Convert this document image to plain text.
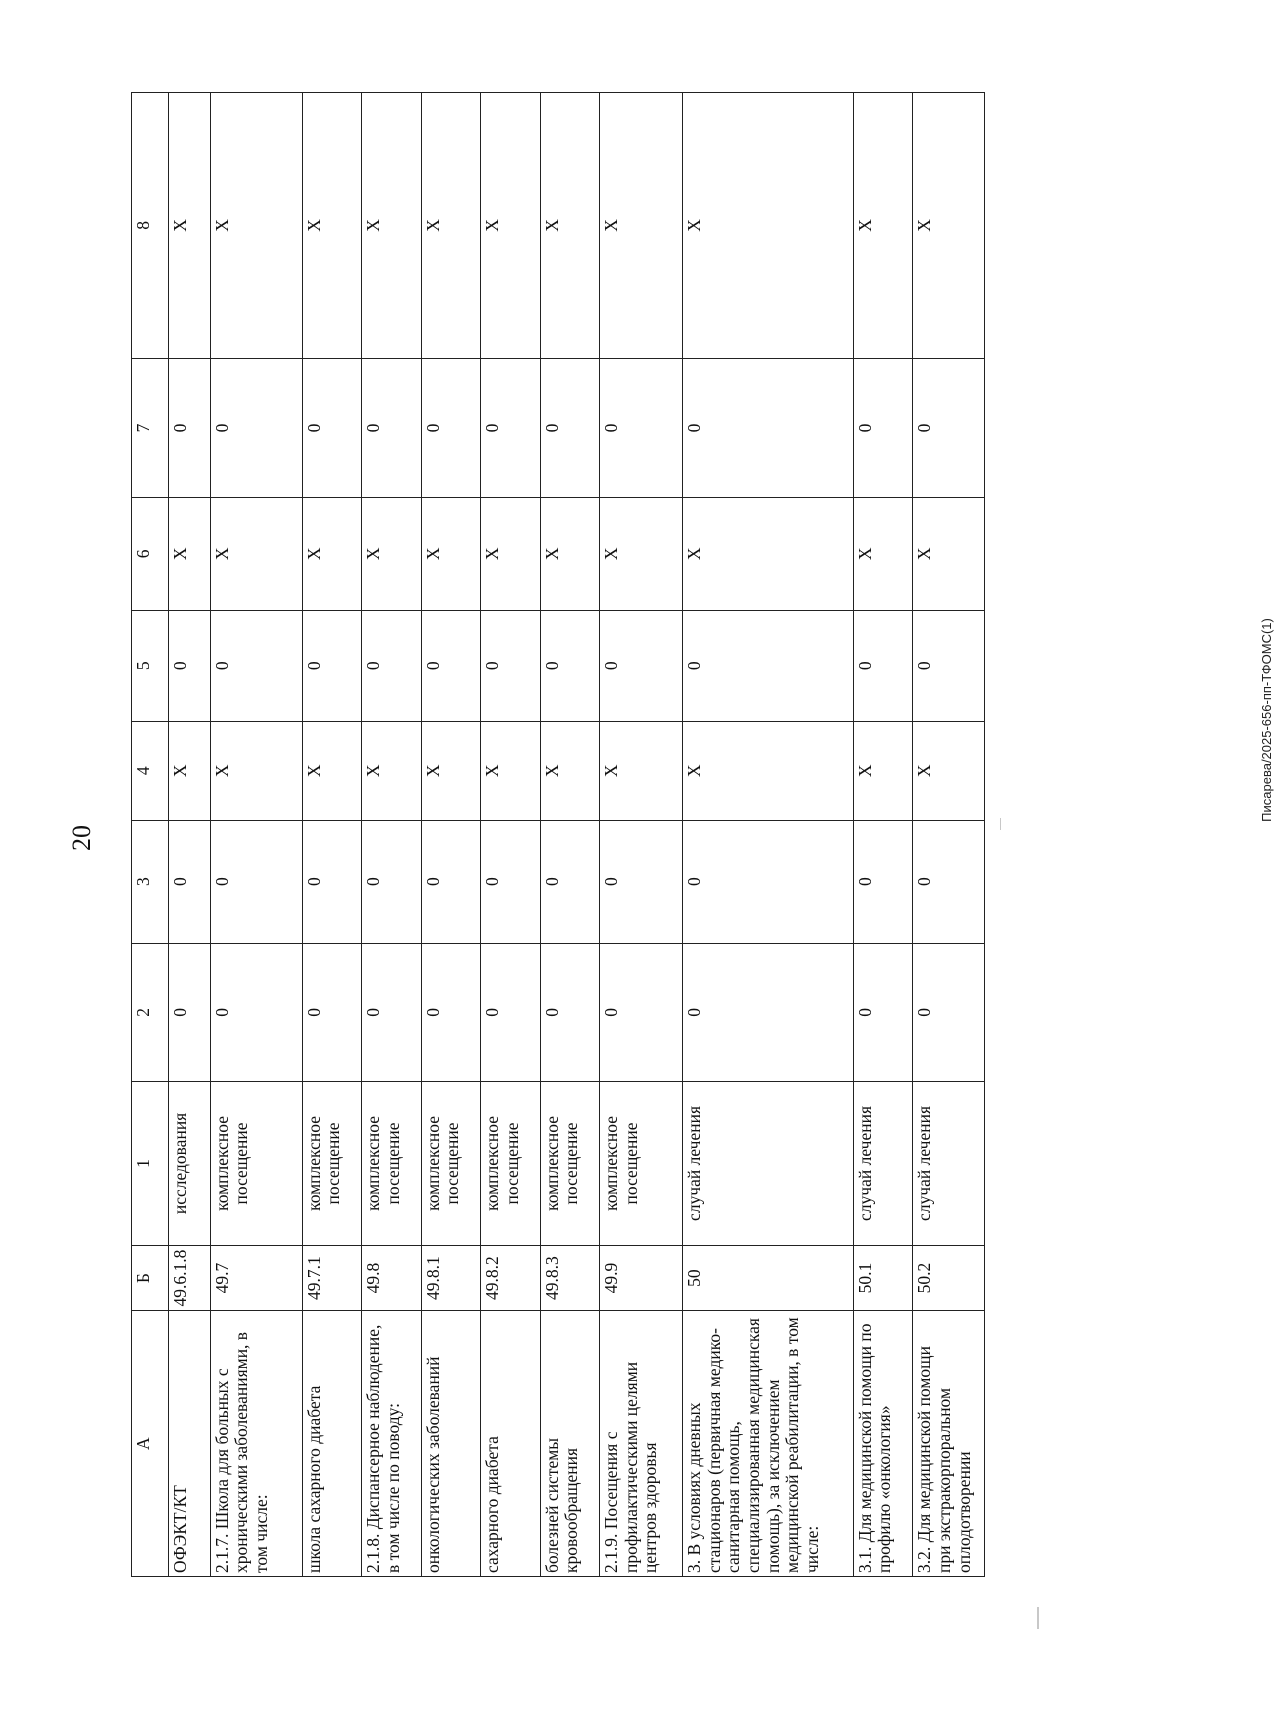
20
А	Б	1	2	3	4	5	6	7	8
ОФЭКТ/КТ	49.6.1.8	исследования	0	0	Х	0	Х	0	Х
2.1.7. Школа для больных с хроническими заболеваниями, в том числе:	49.7	комплексное посещение	0	0	Х	0	Х	0	Х
школа сахарного диабета	49.7.1	комплексное посещение	0	0	Х	0	Х	0	Х
2.1.8. Диспансерное наблюдение, в том числе по поводу:	49.8	комплексное посещение	0	0	Х	0	Х	0	Х
онкологических заболеваний	49.8.1	комплексное посещение	0	0	Х	0	Х	0	Х
сахарного диабета	49.8.2	комплексное посещение	0	0	Х	0	Х	0	Х
болезней системы кровообращения	49.8.3	комплексное посещение	0	0	Х	0	Х	0	Х
2.1.9. Посещения с профилактическими целями центров здоровья	49.9	комплексное посещение	0	0	Х	0	Х	0	Х
3. В условиях дневных стационаров (первичная медико-санитарная помощь, специализированная медицинская помощь), за исключением медицинской реабилитации, в том числе:	50	случай лечения	0	0	Х	0	Х	0	Х
3.1. Для медицинской помощи по профилю «онкология»	50.1	случай лечения	0	0	Х	0	Х	0	Х
3.2. Для медицинской помощи при экстракорпоральном оплодотворении	50.2	случай лечения	0	0	Х	0	Х	0	Х
Писарева/2025-656-пп-ТФОМС(1)
